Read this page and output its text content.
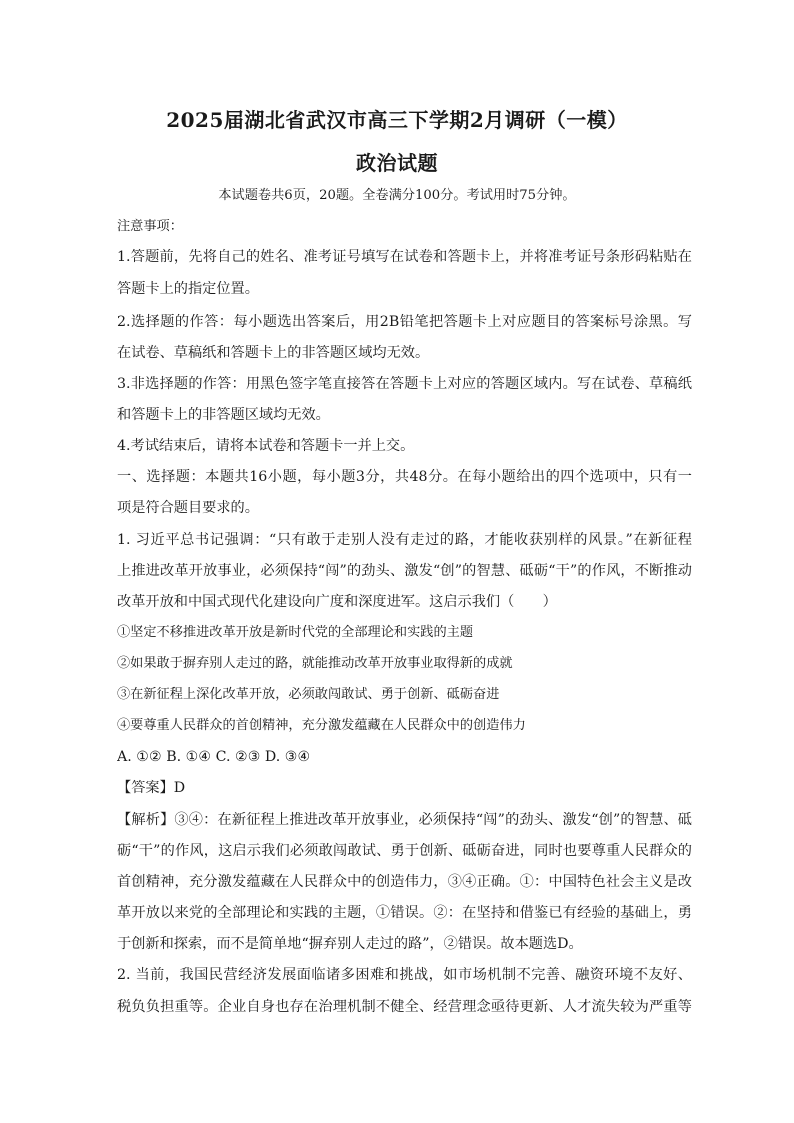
2025届湖北省武汉市高三下学期2月调研（一模）
政治试题
本试题卷共6页，20题。全卷满分100分。考试用时75分钟。
注意事项：
1.答题前，先将自己的姓名、准考证号填写在试卷和答题卡上，并将准考证号条形码粘贴在
答题卡上的指定位置。
2.选择题的作答：每小题选出答案后，用2B铅笔把答题卡上对应题目的答案标号涂黑。写
在试卷、草稿纸和答题卡上的非答题区域均无效。
3.非选择题的作答：用黑色签字笔直接答在答题卡上对应的答题区域内。写在试卷、草稿纸
和答题卡上的非答题区域均无效。
4.考试结束后，请将本试卷和答题卡一并上交。
一、选择题：本题共16小题，每小题3分，共48分。在每小题给出的四个选项中，只有一
项是符合题目要求的。
1. 习近平总书记强调：“只有敢于走别人没有走过的路，才能收获别样的风景。”在新征程
上推进改革开放事业，必须保持“闯”的劲头、激发“创”的智慧、砥砺“干”的作风，不断推动
改革开放和中国式现代化建设向广度和深度进军。这启示我们（　　）
①坚定不移推进改革开放是新时代党的全部理论和实践的主题
②如果敢于摒弃别人走过的路，就能推动改革开放事业取得新的成就
③在新征程上深化改革开放，必须敢闯敢试、勇于创新、砥砺奋进
④要尊重人民群众的首创精神，充分激发蕴藏在人民群众中的创造伟力
A. ①② B. ①④ C. ②③ D. ③④
【答案】D
【解析】③④：在新征程上推进改革开放事业，必须保持“闯”的劲头、激发“创”的智慧、砥
砺“干”的作风，这启示我们必须敢闯敢试、勇于创新、砥砺奋进，同时也要尊重人民群众的
首创精神，充分激发蕴藏在人民群众中的创造伟力，③④正确。①：中国特色社会主义是改
革开放以来党的全部理论和实践的主题，①错误。②：在坚持和借鉴已有经验的基础上，勇
于创新和探索，而不是简单地“摒弃别人走过的路”，②错误。故本题选D。
2. 当前，我国民营经济发展面临诸多困难和挑战，如市场机制不完善、融资环境不友好、
税负负担重等。企业自身也存在治理机制不健全、经营理念亟待更新、人才流失较为严重等
